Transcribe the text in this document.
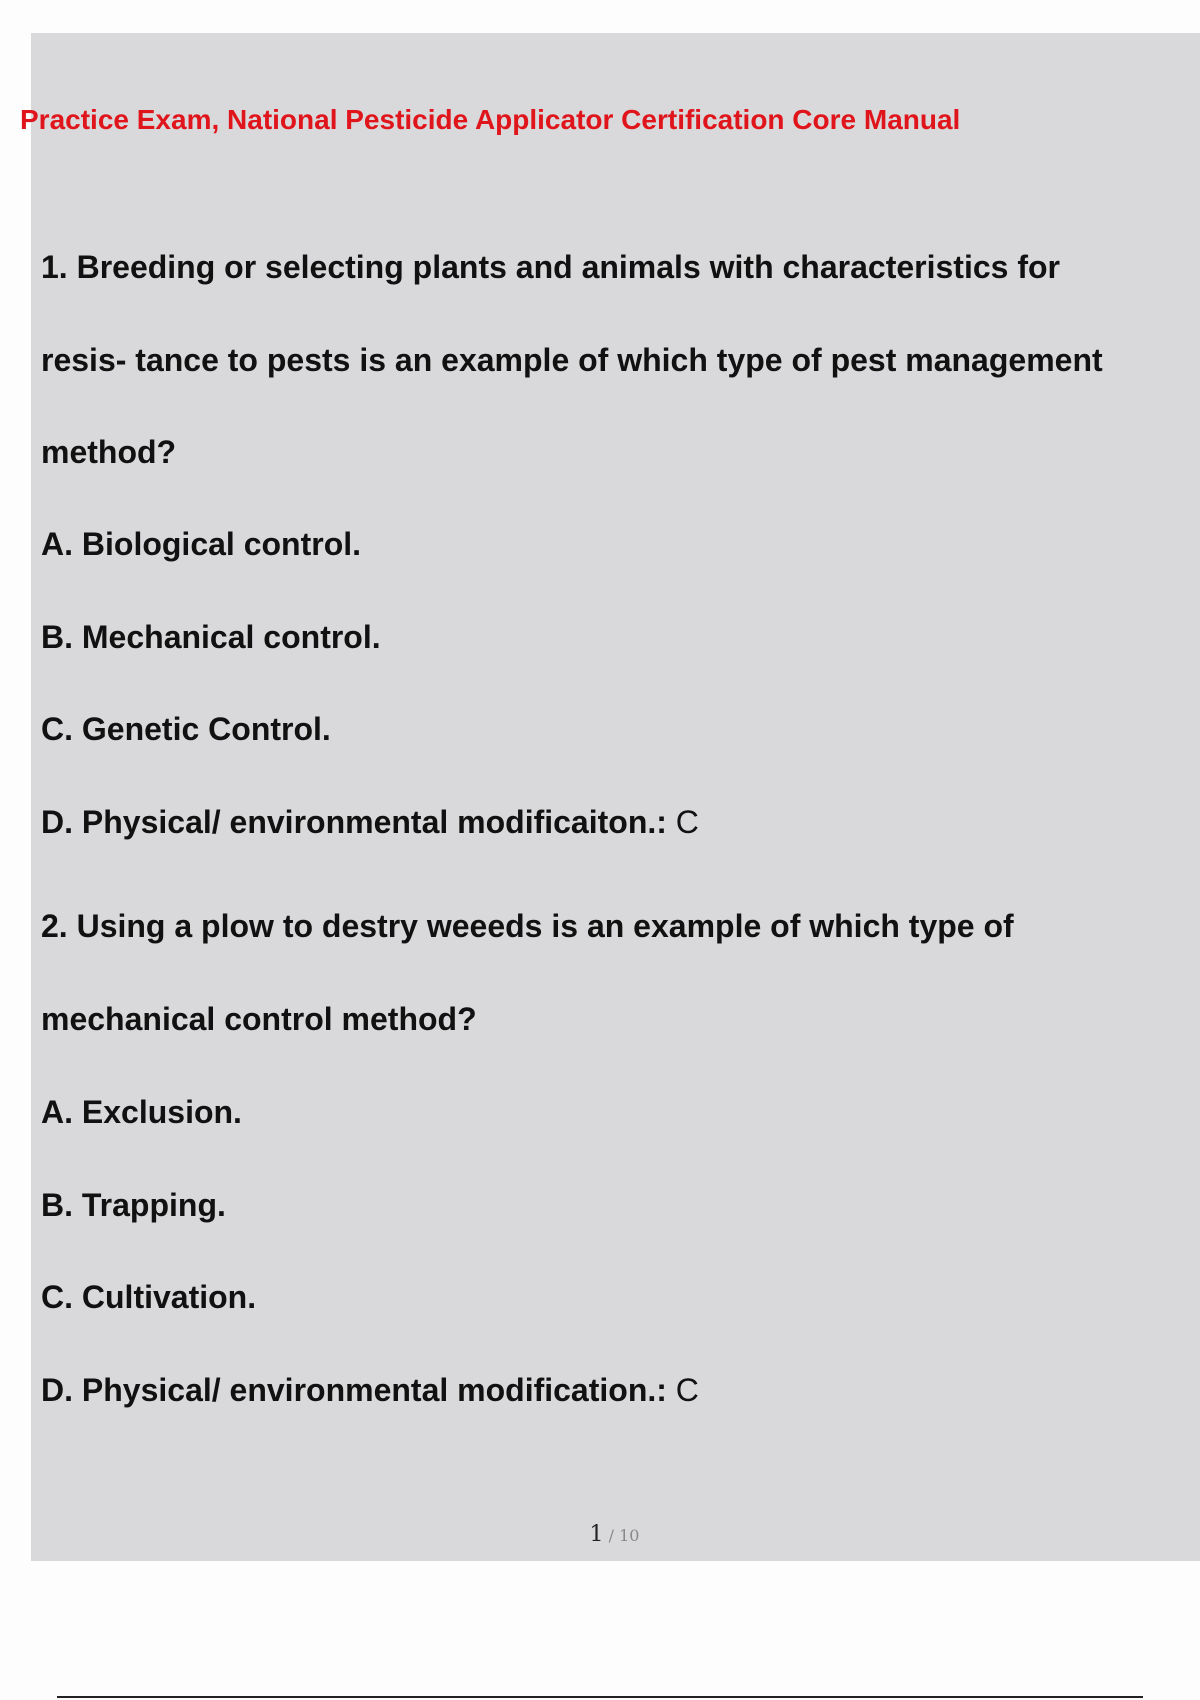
Practice Exam, National Pesticide Applicator Certification Core Manual

1. Breeding or selecting plants and animals with characteristics for

resis- tance to pests is an example of which type of pest management

method?

A. Biological control.

B. Mechanical control.

C. Genetic Control.

D. Physical/ environmental modificaiton.: C

2. Using a plow to destry weeeds is an example of which type of

mechanical control method?

A. Exclusion.

B. Trapping.

C. Cultivation.

D. Physical/ environmental modification.: C

1 / 10
